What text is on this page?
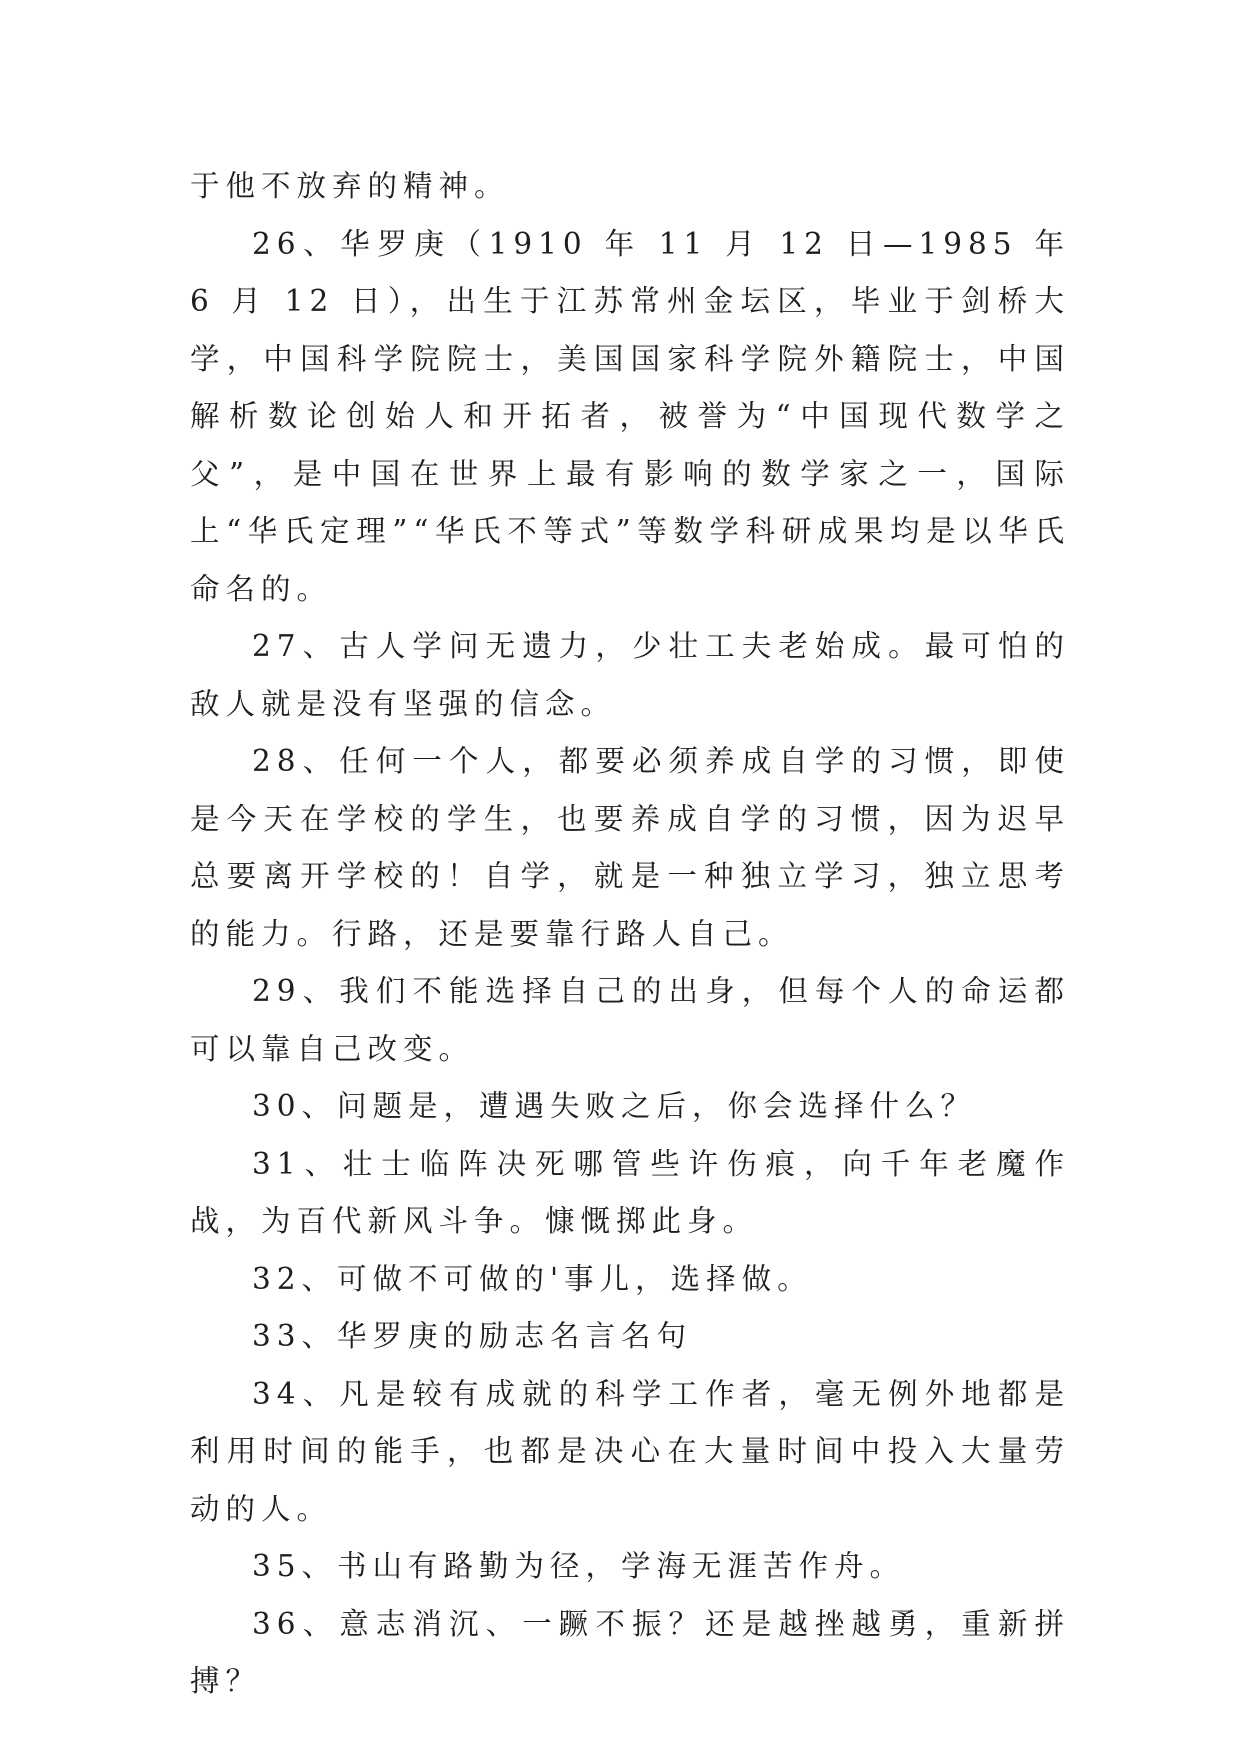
于他不放弃的精神。

26、华罗庚（1910 年 11 月 12 日—1985 年 6 月 12 日），出生于江苏常州金坛区，毕业于剑桥大学，中国科学院院士，美国国家科学院外籍院士，中国解析数论创始人和开拓者，被誉为“中国现代数学之父”，是中国在世界上最有影响的数学家之一，国际上“华氏定理”“华氏不等式”等数学科研成果均是以华氏命名的。

27、古人学问无遗力，少壮工夫老始成。最可怕的敌人就是没有坚强的信念。

28、任何一个人，都要必须养成自学的习惯，即使是今天在学校的学生，也要养成自学的习惯，因为迟早总要离开学校的！自学，就是一种独立学习，独立思考的能力。行路，还是要靠行路人自己。

29、我们不能选择自己的出身，但每个人的命运都可以靠自己改变。

30、问题是，遭遇失败之后，你会选择什么？

31、壮士临阵决死哪管些许伤痕，向千年老魔作战，为百代新风斗争。慷慨掷此身。

32、可做不可做的'事儿，选择做。

33、华罗庚的励志名言名句

34、凡是较有成就的科学工作者，毫无例外地都是利用时间的能手，也都是决心在大量时间中投入大量劳动的人。

35、书山有路勤为径，学海无涯苦作舟。

36、意志消沉、一蹶不振？还是越挫越勇，重新拼搏？
